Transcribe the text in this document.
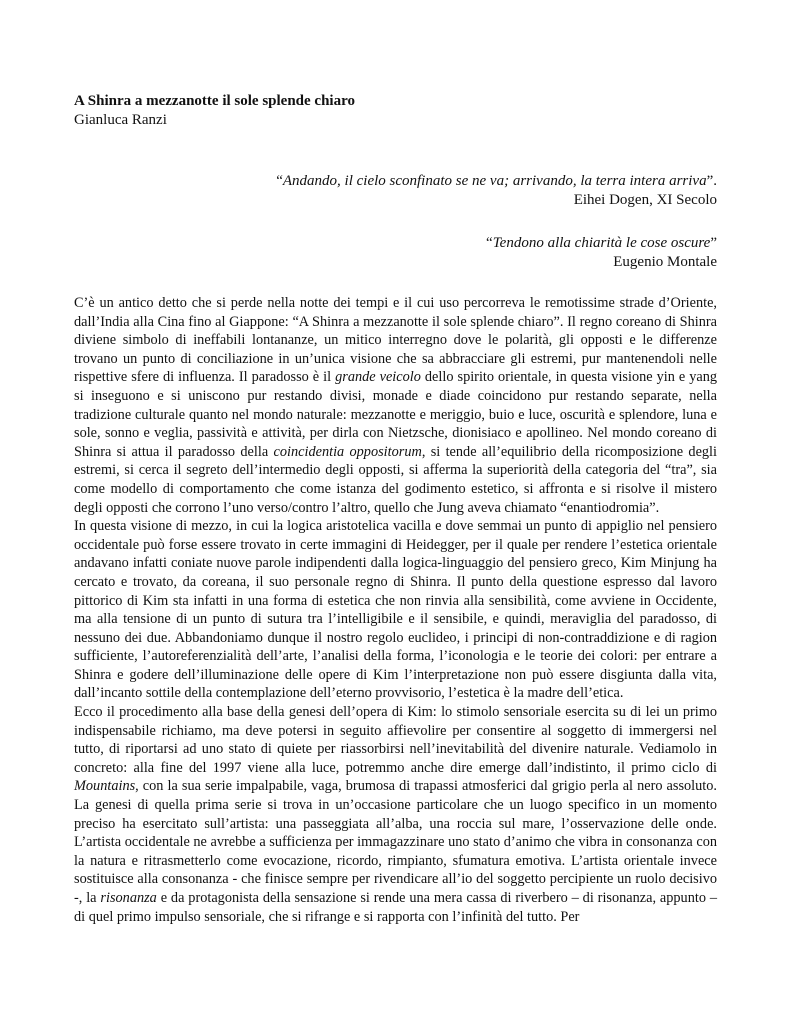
A Shinra a mezzanotte il sole splende chiaro

Gianluca Ranzi

“Andando, il cielo sconfinato se ne va; arrivando, la terra intera arriva”.
Eihei Dogen, XI Secolo
“Tendono alla chiarità le cose oscure”
Eugenio Montale

C’è un antico detto che si perde nella notte dei tempi e il cui uso percorreva le remotissime strade d’Oriente, dall’India alla Cina fino al Giappone: “A Shinra a mezzanotte il sole splende chiaro”. Il regno coreano di Shinra diviene simbolo di ineffabili lontananze, un mitico interregno dove le polarità, gli opposti e le differenze trovano un punto di conciliazione in un’unica visione che sa abbracciare gli estremi, pur mantenendoli nelle rispettive sfere di influenza. Il paradosso è il grande veicolo dello spirito orientale, in questa visione yin e yang si inseguono e si uniscono pur restando divisi, monade e diade coincidono pur restando separate, nella tradizione culturale quanto nel mondo naturale: mezzanotte e meriggio, buio e luce, oscurità e splendore, luna e sole, sonno e veglia, passività e attività, per dirla con Nietzsche, dionisiaco e apollineo. Nel mondo coreano di Shinra si attua il paradosso della coincidentia oppositorum, si tende all’equilibrio della ricomposizione degli estremi, si cerca il segreto dell’intermedio degli opposti, si afferma la superiorità della categoria del “tra”, sia come modello di comportamento che come istanza del godimento estetico, si affronta e si risolve il mistero degli opposti che corrono l’uno verso/contro l’altro, quello che Jung aveva chiamato “enantiodromia”.

In questa visione di mezzo, in cui la logica aristotelica vacilla e dove semmai un punto di appiglio nel pensiero occidentale può forse essere trovato in certe immagini di Heidegger, per il quale per rendere l’estetica orientale andavano infatti coniate nuove parole indipendenti dalla logica-linguaggio del pensiero greco, Kim Minjung ha cercato e trovato, da coreana, il suo personale regno di Shinra. Il punto della questione espresso dal lavoro pittorico di Kim sta infatti in una forma di estetica che non rinvia alla sensibilità, come avviene in Occidente, ma alla tensione di un punto di sutura tra l’intelligibile e il sensibile, e quindi, meraviglia del paradosso, di nessuno dei due. Abbandoniamo dunque il nostro regolo euclideo, i principi di non-contraddizione e di ragion sufficiente, l’autoreferenzialità dell’arte, l’analisi della forma, l’iconologia e le teorie dei colori: per entrare a Shinra e godere dell’illuminazione delle opere di Kim l’interpretazione non può essere disgiunta dalla vita, dall’incanto sottile della contemplazione dell’eterno provvisorio, l’estetica è la madre dell’etica.

Ecco il procedimento alla base della genesi dell’opera di Kim: lo stimolo sensoriale esercita su di lei un primo indispensabile richiamo, ma deve potersi in seguito affievolire per consentire al soggetto di immergersi nel tutto, di riportarsi ad uno stato di quiete per riassorbirsi nell’inevitabilità del divenire naturale. Vediamolo in concreto: alla fine del 1997 viene alla luce, potremmo anche dire emerge dall’indistinto, il primo ciclo di Mountains, con la sua serie impalpabile, vaga, brumosa di trapassi atmosferici dal grigio perla al nero assoluto. La genesi di quella prima serie si trova in un’occasione particolare che un luogo specifico in un momento preciso ha esercitato sull’artista: una passeggiata all’alba, una roccia sul mare, l’osservazione delle onde. L’artista occidentale ne avrebbe a sufficienza per immagazzinare uno stato d’animo che vibra in consonanza con la natura e ritrasmetterlo come evocazione, ricordo, rimpianto, sfumatura emotiva. L’artista orientale invece sostituisce alla consonanza - che finisce sempre per rivendicare all’io del soggetto percipiente un ruolo decisivo -, la risonanza e da protagonista della sensazione si rende una mera cassa di riverbero – di risonanza, appunto – di quel primo impulso sensoriale, che si rifrange e si rapporta con l’infinità del tutto. Per
